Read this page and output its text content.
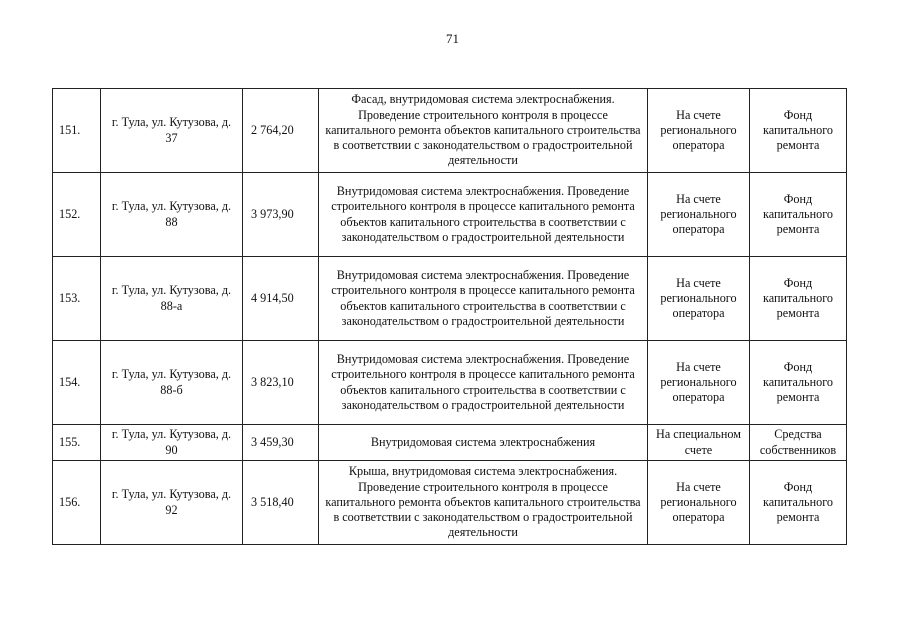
71
151.	г. Тула, ул. Кутузова, д. 37	2 764,20	Фасад, внутридомовая система электроснабжения. Проведение строительного контроля в процессе капитального ремонта объектов капитального строительства в соответствии с законодательством о градостроительной деятельности	На счете регионального оператора	Фонд капитального ремонта
152.	г. Тула, ул. Кутузова, д. 88	3 973,90	Внутридомовая система электроснабжения. Проведение строительного контроля в процессе капитального ремонта объектов капитального строительства в соответствии с законодательством о градостроительной деятельности	На счете регионального оператора	Фонд капитального ремонта
153.	г. Тула, ул. Кутузова, д. 88-а	4 914,50	Внутридомовая система электроснабжения. Проведение строительного контроля в процессе капитального ремонта объектов капитального строительства в соответствии с законодательством о градостроительной деятельности	На счете регионального оператора	Фонд капитального ремонта
154.	г. Тула, ул. Кутузова, д. 88-б	3 823,10	Внутридомовая система электроснабжения. Проведение строительного контроля в процессе капитального ремонта объектов капитального строительства в соответствии с законодательством о градостроительной деятельности	На счете регионального оператора	Фонд капитального ремонта
155.	г. Тула, ул. Кутузова, д. 90	3 459,30	Внутридомовая система электроснабжения	На специальном счете	Средства собственников
156.	г. Тула, ул. Кутузова, д. 92	3 518,40	Крыша, внутридомовая система электроснабжения. Проведение строительного контроля в процессе капитального ремонта объектов капитального строительства в соответствии с законодательством о градостроительной деятельности	На счете регионального оператора	Фонд капитального ремонта
